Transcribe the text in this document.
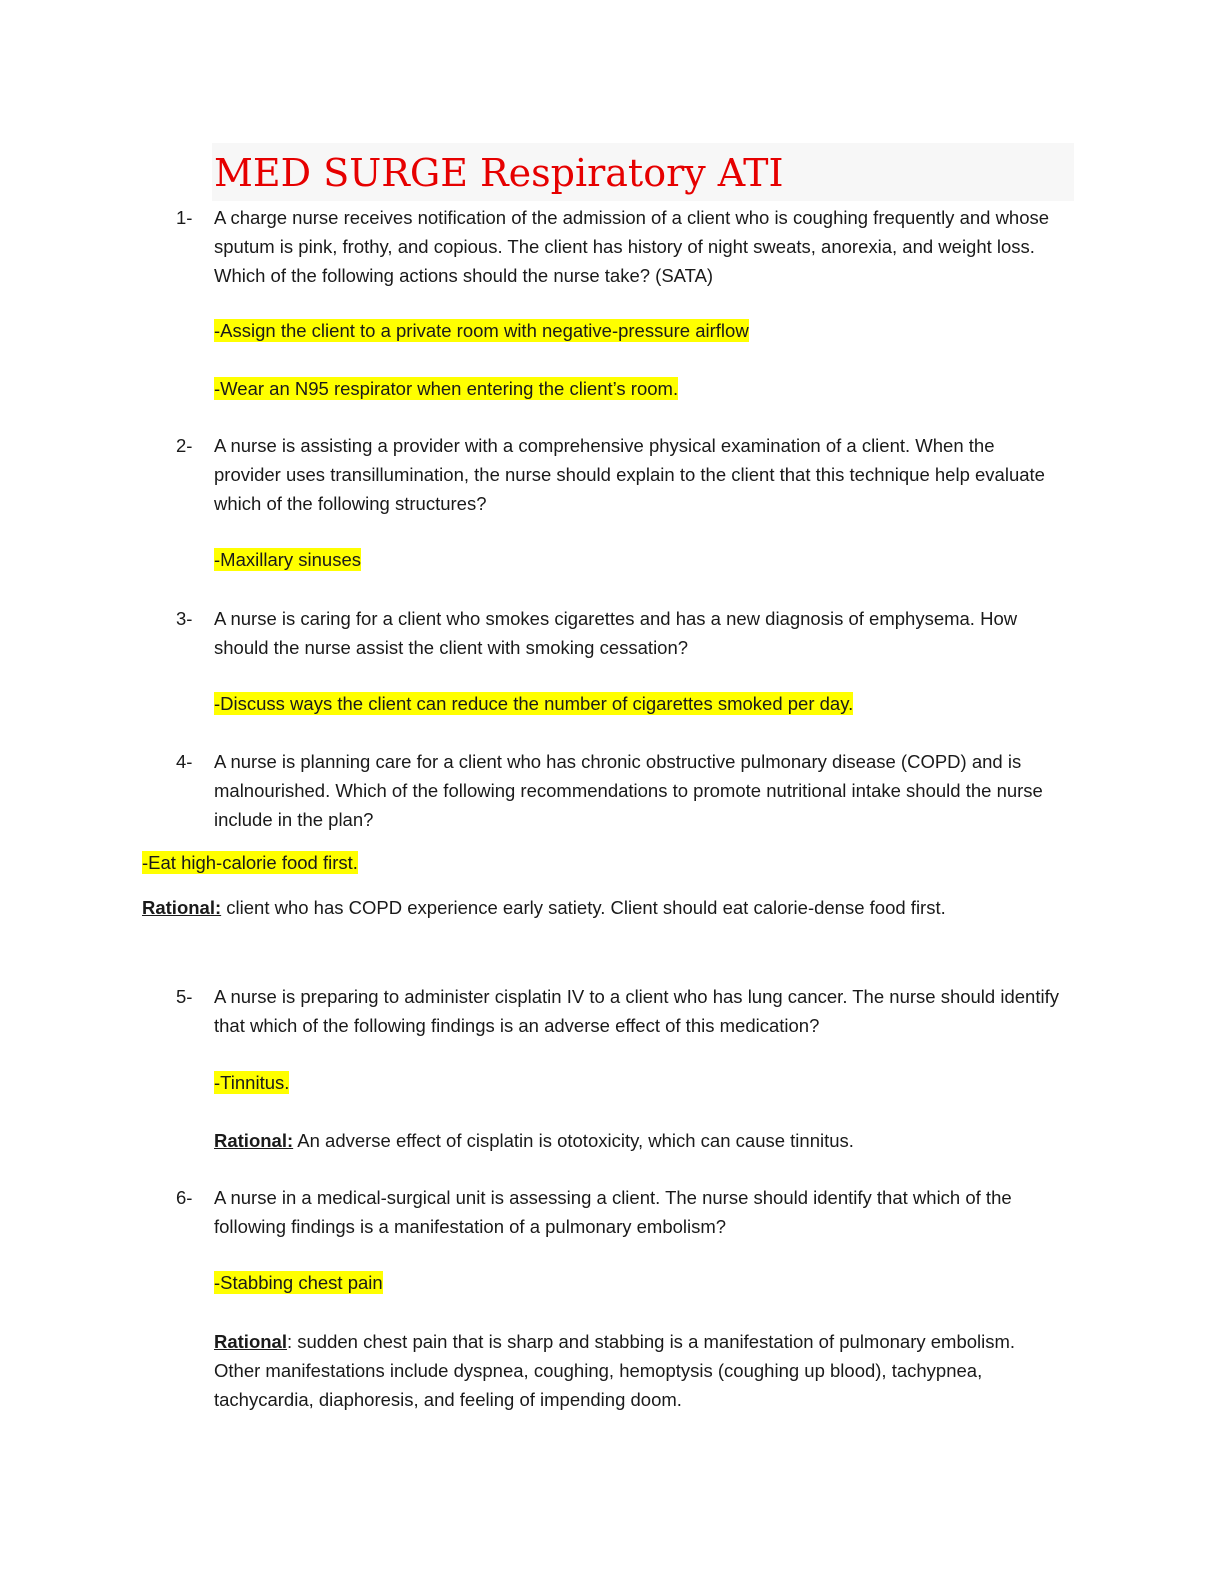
MED SURGE Respiratory ATI
1- A charge nurse receives notification of the admission of a client who is coughing frequently and whose sputum is pink, frothy, and copious. The client has history of night sweats, anorexia, and weight loss. Which of the following actions should the nurse take? (SATA)

-Assign the client to a private room with negative-pressure airflow
-Wear an N95 respirator when entering the client’s room.
2- A nurse is assisting a provider with a comprehensive physical examination of a client. When the provider uses transillumination, the nurse should explain to the client that this technique help evaluate which of the following structures?

-Maxillary sinuses
3- A nurse is caring for a client who smokes cigarettes and has a new diagnosis of emphysema. How should the nurse assist the client with smoking cessation?

-Discuss ways the client can reduce the number of cigarettes smoked per day.
4- A nurse is planning care for a client who has chronic obstructive pulmonary disease (COPD) and is malnourished. Which of the following recommendations to promote nutritional intake should the nurse include in the plan?

-Eat high-calorie food first.

Rational: client who has COPD experience early satiety. Client should eat calorie-dense food first.

5- A nurse is preparing to administer cisplatin IV to a client who has lung cancer. The nurse should identify that which of the following findings is an adverse effect of this medication?

-Tinnitus.

Rational: An adverse effect of cisplatin is ototoxicity, which can cause tinnitus.

6- A nurse in a medical-surgical unit is assessing a client. The nurse should identify that which of the following findings is a manifestation of a pulmonary embolism?

-Stabbing chest pain

Rational: sudden chest pain that is sharp and stabbing is a manifestation of pulmonary embolism. Other manifestations include dyspnea, coughing, hemoptysis (coughing up blood), tachypnea, tachycardia, diaphoresis, and feeling of impending doom.
